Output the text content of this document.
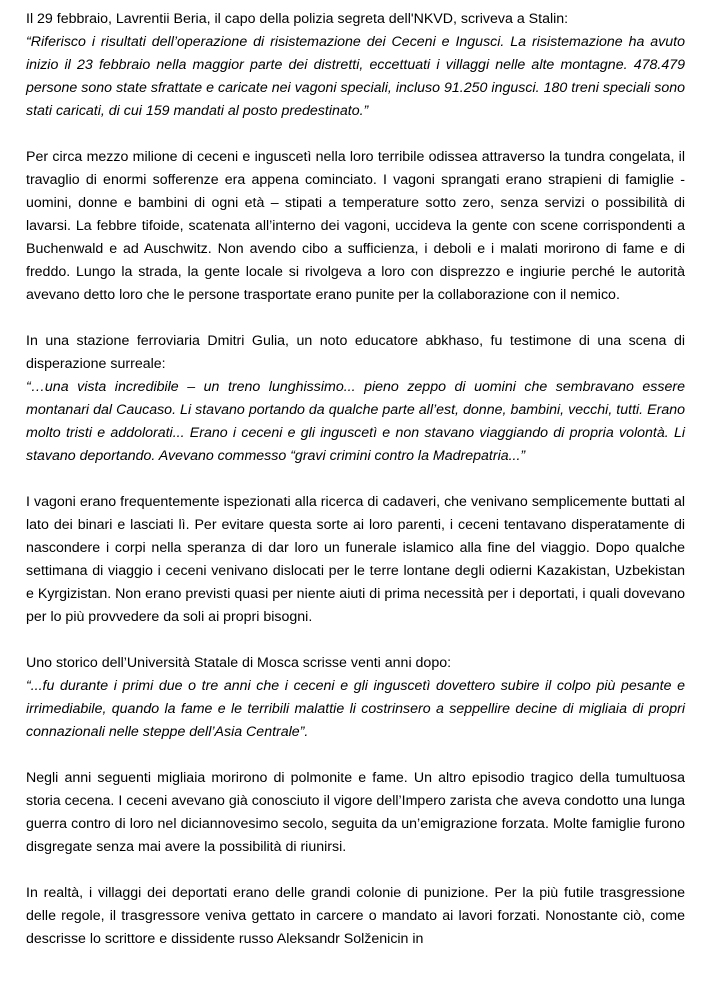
Il 29 febbraio, Lavrentii Beria, il capo della polizia segreta dell'NKVD, scriveva a Stalin:
“Riferisco i risultati dell’operazione di risistemazione dei Ceceni e Ingusci. La risistemazione ha avuto inizio il 23 febbraio nella maggior parte dei distretti, eccettuati i villaggi nelle alte montagne. 478.479 persone sono state sfrattate e caricate nei vagoni speciali, incluso 91.250 ingusci. 180 treni speciali sono stati caricati, di cui 159 mandati al posto predestinato.”

Per circa mezzo milione di ceceni e inguscetì nella loro terribile odissea attraverso la tundra congelata, il travaglio di enormi sofferenze era appena cominciato. I vagoni sprangati erano strapieni di famiglie - uomini, donne e bambini di ogni età – stipati a temperature sotto zero, senza servizi o possibilità di lavarsi. La febbre tifoide, scatenata all’interno dei vagoni, uccideva la gente con scene corrispondenti a Buchenwald e ad Auschwitz. Non avendo cibo a sufficienza, i deboli e i malati morirono di fame e di freddo. Lungo la strada, la gente locale si rivolgeva a loro con disprezzo e ingiurie perché le autorità avevano detto loro che le persone trasportate erano punite per la collaborazione con il nemico.

In una stazione ferroviaria Dmitri Gulia, un noto educatore abkhaso, fu testimone di una scena di disperazione surreale:
“…una vista incredibile – un treno lunghissimo... pieno zeppo di uomini che sembravano essere montanari dal Caucaso. Li stavano portando da qualche parte all’est, donne, bambini, vecchi, tutti. Erano molto tristi e addolorati... Erano i ceceni e gli inguscetì e non stavano viaggiando di propria volontà. Li stavano deportando. Avevano commesso “gravi crimini contro la Madrepatria...”

I vagoni erano frequentemente ispezionati alla ricerca di cadaveri, che venivano semplicemente buttati al lato dei binari e lasciati lì. Per evitare questa sorte ai loro parenti, i ceceni tentavano disperatamente di nascondere i corpi nella speranza di dar loro un funerale islamico alla fine del viaggio. Dopo qualche settimana di viaggio i ceceni venivano dislocati per le terre lontane degli odierni Kazakistan, Uzbekistan e Kyrgizistan. Non erano previsti quasi per niente aiuti di prima necessità per i deportati, i quali dovevano per lo più provvedere da soli ai propri bisogni.

Uno storico dell’Università Statale di Mosca scrisse venti anni dopo:
“...fu durante i primi due o tre anni che i ceceni e gli inguscetì dovettero subire il colpo più pesante e irrimediabile, quando la fame e le terribili malattie li costrinsero a seppellire decine di migliaia di propri connazionali nelle steppe dell’Asia Centrale”.

Negli anni seguenti migliaia morirono di polmonite e fame. Un altro episodio tragico della tumultuosa storia cecena. I ceceni avevano già conosciuto il vigore dell’Impero zarista che aveva condotto una lunga guerra contro di loro nel diciannovesimo secolo, seguita da un’emigrazione forzata. Molte famiglie furono disgregate senza mai avere la possibilità di riunirsi.

In realtà, i villaggi dei deportati erano delle grandi colonie di punizione. Per la più futile trasgressione delle regole, il trasgressore veniva gettato in carcere o mandato ai lavori forzati. Nonostante ciò, come descrisse lo scrittore e dissidente russo Aleksandr Solženicin in
